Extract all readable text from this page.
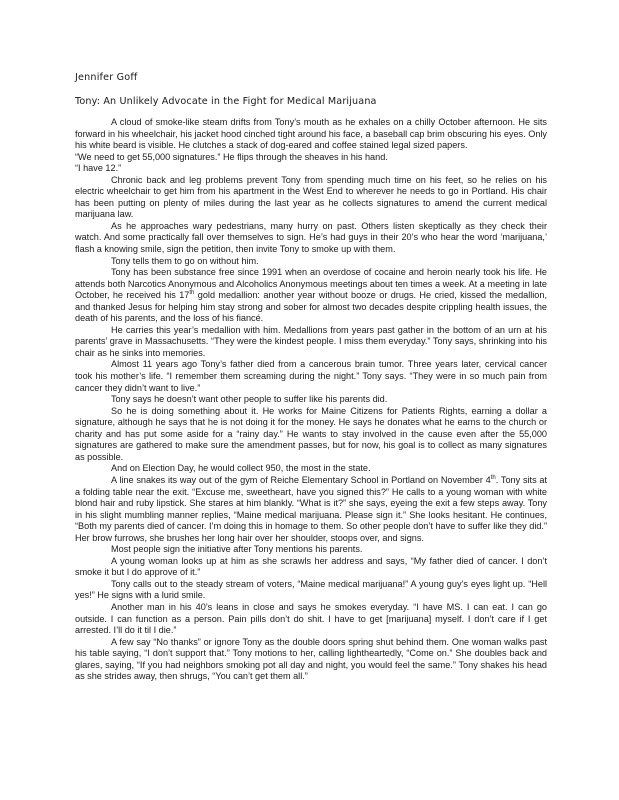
Jennifer Goff
Tony: An Unlikely Advocate in the Fight for Medical Marijuana

A cloud of smoke-like steam drifts from Tony’s mouth as he exhales on a chilly October afternoon. He sits forward in his wheelchair, his jacket hood cinched tight around his face, a baseball cap brim obscuring his eyes. Only his white beard is visible. He clutches a stack of dog-eared and coffee stained legal sized papers.

“We need to get 55,000 signatures.” He flips through the sheaves in his hand.

“I have 12.”

Chronic back and leg problems prevent Tony from spending much time on his feet, so he relies on his electric wheelchair to get him from his apartment in the West End to wherever he needs to go in Portland. His chair has been putting on plenty of miles during the last year as he collects signatures to amend the current medical marijuana law.

As he approaches wary pedestrians, many hurry on past. Others listen skeptically as they check their watch. And some practically fall over themselves to sign. He’s had guys in their 20’s who hear the word ‘marijuana,’ flash a knowing smile, sign the petition, then invite Tony to smoke up with them.

Tony tells them to go on without him.

Tony has been substance free since 1991 when an overdose of cocaine and heroin nearly took his life. He attends both Narcotics Anonymous and Alcoholics Anonymous meetings about ten times a week. At a meeting in late October, he received his 17th gold medallion: another year without booze or drugs. He cried, kissed the medallion, and thanked Jesus for helping him stay strong and sober for almost two decades despite crippling health issues, the death of his parents, and the loss of his fiancé.

He carries this year’s medallion with him. Medallions from years past gather in the bottom of an urn at his parents’ grave in Massachusetts. “They were the kindest people. I miss them everyday.” Tony says, shrinking into his chair as he sinks into memories.

Almost 11 years ago Tony’s father died from a cancerous brain tumor. Three years later, cervical cancer took his mother’s life. “I remember them screaming during the night.” Tony says. “They were in so much pain from cancer they didn’t want to live.”

Tony says he doesn’t want other people to suffer like his parents did.

So he is doing something about it. He works for Maine Citizens for Patients Rights, earning a dollar a signature, although he says that he is not doing it for the money. He says he donates what he earns to the church or charity and has put some aside for a “rainy day.” He wants to stay involved in the cause even after the 55,000 signatures are gathered to make sure the amendment passes, but for now, his goal is to collect as many signatures as possible.

And on Election Day, he would collect 950, the most in the state.

A line snakes its way out of the gym of Reiche Elementary School in Portland on November 4th. Tony sits at a folding table near the exit. “Excuse me, sweetheart, have you signed this?” He calls to a young woman with white blond hair and ruby lipstick. She stares at him blankly. “What is it?” she says, eyeing the exit a few steps away. Tony in his slight mumbling manner replies, “Maine medical marijuana. Please sign it.” She looks hesitant. He continues, “Both my parents died of cancer. I’m doing this in homage to them. So other people don’t have to suffer like they did.” Her brow furrows, she brushes her long hair over her shoulder, stoops over, and signs.

Most people sign the initiative after Tony mentions his parents.

A young woman looks up at him as she scrawls her address and says, “My father died of cancer. I don’t smoke it but I do approve of it.”

Tony calls out to the steady stream of voters, “Maine medical marijuana!” A young guy’s eyes light up. “Hell yes!” He signs with a lurid smile.

Another man in his 40’s leans in close and says he smokes everyday. “I have MS. I can eat. I can go outside. I can function as a person. Pain pills don’t do shit. I have to get [marijuana] myself. I don’t care if I get arrested. I’ll do it til I die.”

A few say “No thanks” or ignore Tony as the double doors spring shut behind them. One woman walks past his table saying, “I don’t support that.” Tony motions to her, calling lightheartedly, “Come on.” She doubles back and glares, saying, “If you had neighbors smoking pot all day and night, you would feel the same.” Tony shakes his head as she strides away, then shrugs, “You can’t get them all.”
